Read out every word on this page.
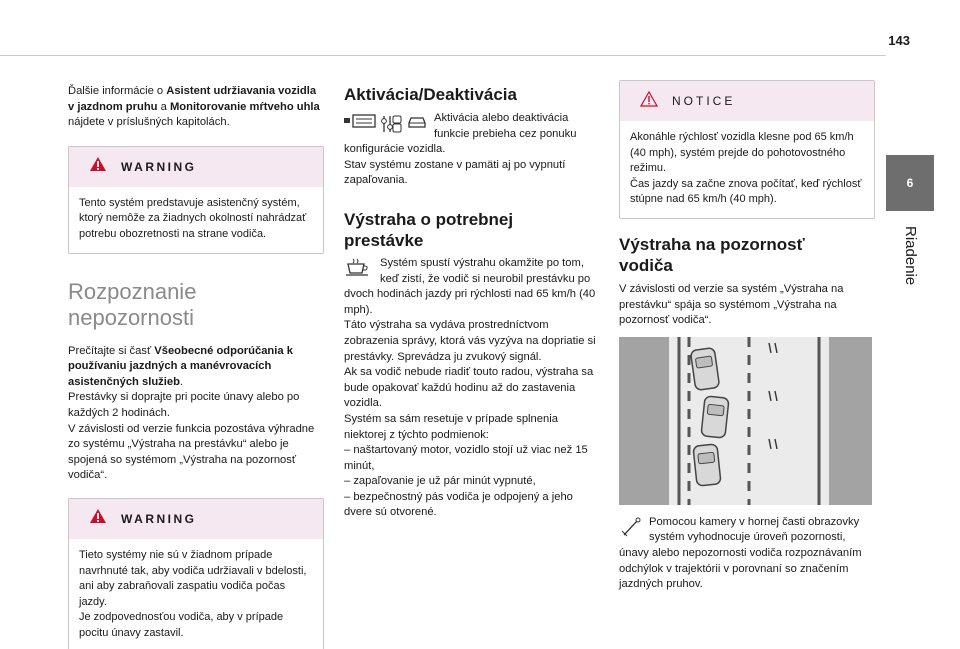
143
6
Riadenie

Ďalšie informácie o Asistent udržiavania vozidla v jazdnom pruhu a Monitorovanie mŕtveho uhla nájdete v príslušných kapitolách.

WARNING
Tento systém predstavuje asistenčný systém, ktorý nemôže za žiadnych okolností nahrádzať potrebu obozretnosti na strane vodiča.
Rozpoznanie nepozornosti

Prečítajte si časť Všeobecné odporúčania k používaniu jazdných a manévrovacích asistenčných služieb.

Prestávky si doprajte pri pocite únavy alebo po každých 2 hodinách.

V závislosti od verzie funkcia pozostáva výhradne zo systému „Výstraha na prestávku“ alebo je spojená so systémom „Výstraha na pozornosť vodiča“.

WARNING

Tieto systémy nie sú v žiadnom prípade navrhnuté tak, aby vodiča udržiavali v bdelosti, ani aby zabraňovali zaspatiu vodiča počas jazdy.

Je zodpovednosťou vodiča, aby v prípade pocitu únavy zastavil.

Aktivácia/Deaktivácia

Aktivácia alebo deaktivácia funkcie prebieha cez ponuku konfigurácie vozidla.

Stav systému zostane v pamäti aj po vypnutí zapaľovania.

Výstraha o potrebnej prestávke

Systém spustí výstrahu okamžite po tom, keď zistí, že vodič si neurobil prestávku po dvoch hodinách jazdy pri rýchlosti nad 65 km/h (40 mph).

Táto výstraha sa vydáva prostredníctvom zobrazenia správy, ktorá vás vyzýva na dopriatie si prestávky. Sprevádza ju zvukový signál.

Ak sa vodič nebude riadiť touto radou, výstraha sa bude opakovať každú hodinu až do zastavenia vozidla.

Systém sa sám resetuje v prípade splnenia niektorej z týchto podmienok:

– naštartovaný motor, vozidlo stojí už viac než 15 minút,

– zapaľovanie je už pár minút vypnuté,

– bezpečnostný pás vodiča je odpojený a jeho dvere sú otvorené.

NOTICE

Akonáhle rýchlosť vozidla klesne pod 65 km/h (40 mph), systém prejde do pohotovostného režimu.

Čas jazdy sa začne znova počítať, keď rýchlosť stúpne nad 65 km/h (40 mph).

Výstraha na pozornosť vodiča

V závislosti od verzie sa systém „Výstraha na prestávku“ spája so systémom „Výstraha na pozornosť vodiča“.

Pomocou kamery v hornej časti obrazovky systém vyhodnocuje úroveň pozornosti, únavy alebo nepozornosti vodiča rozpoznávaním odchýlok v trajektórii v porovnaní so značením jazdných pruhov.
